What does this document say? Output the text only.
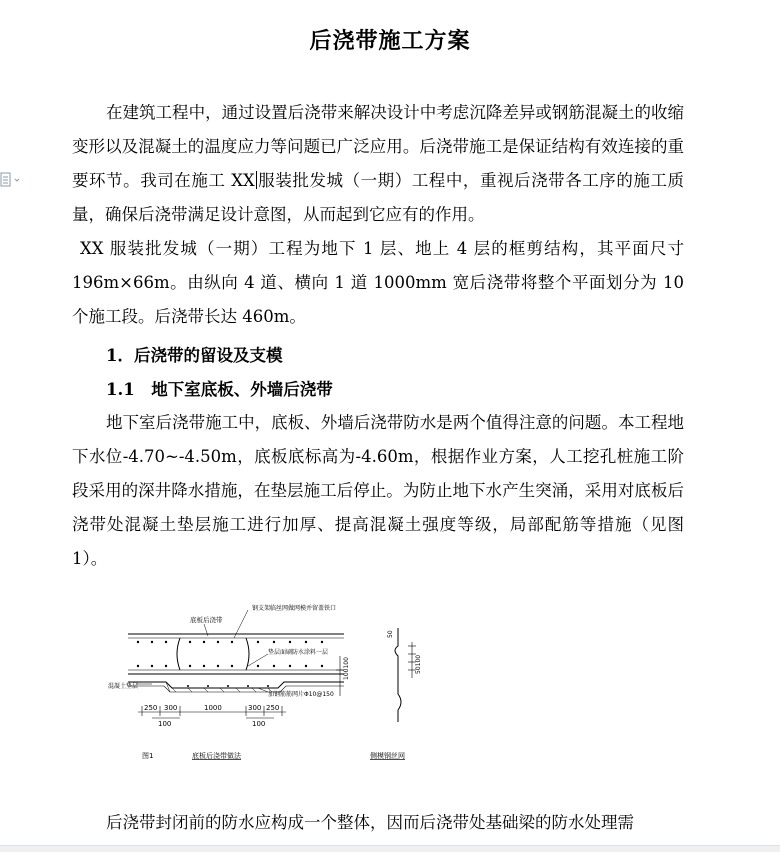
后浇带施工方案

在建筑工程中，通过设置后浇带来解决设计中考虑沉降差异或钢筋混凝土的收缩变形以及混凝土的温度应力等问题已广泛应用。后浇带施工是保证结构有效连接的重要环节。我司在施工 XX 服装批发城（一期）工程中，重视后浇带各工序的施工质量，确保后浇带满足设计意图，从而起到它应有的作用。

XX 服装批发城（一期）工程为地下 1 层、地上 4 层的框剪结构，其平面尺寸 196m×66m。由纵向 4 道、横向 1 道 1000mm 宽后浇带将整个平面划分为 10 个施工段。后浇带长达 460m。

1．后浇带的留设及支模
1.1　地下室底板、外墙后浇带

地下室后浇带施工中，底板、外墙后浇带防水是两个值得注意的问题。本工程地下水位-4.70~-4.50m，底板底标高为-4.60m，根据作业方案，人工挖孔桩施工阶段采用的深井降水措施，在垫层施工后停止。为防止地下水产生突涌，采用对底板后浇带处混凝土垫层施工进行加厚、提高混凝土强度等级，局部配筋等措施（见图 1）。

底板后浇带
钢支架临丝网做网模并留盖铁口
垫层面刷防水涂料一层
加钢筋筋网片Φ10@150
混凝土垫层
100100
250 300	1000	300 250
100	100
图1	底板后浇带做法	侧模钢丝网
50
50100

后浇带封闭前的防水应构成一个整体，因而后浇带处基础梁的防水处理需
